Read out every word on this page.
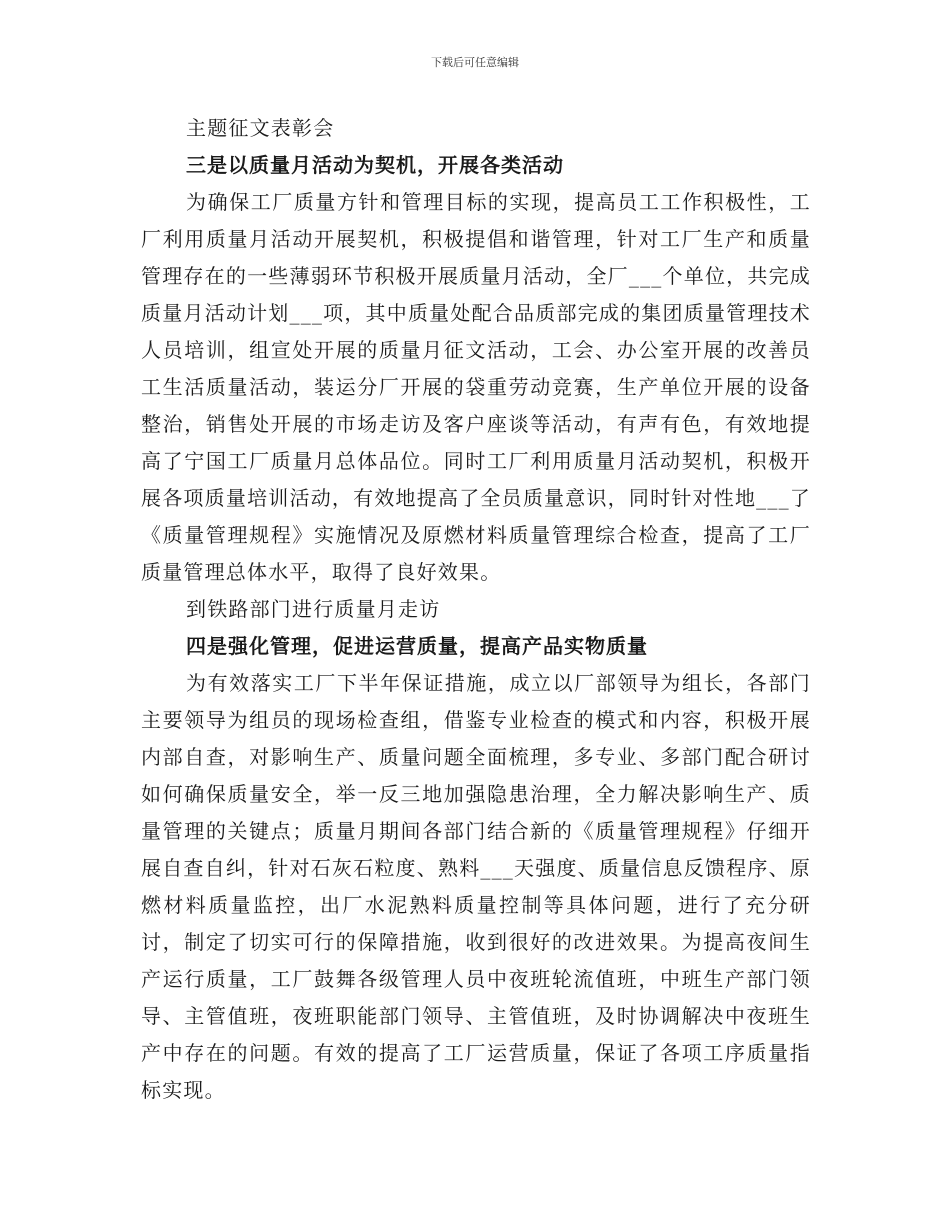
下载后可任意编辑

主题征文表彰会

三是以质量月活动为契机，开展各类活动

为确保工厂质量方针和管理目标的实现，提高员工工作积极性，工厂利用质量月活动开展契机，积极提倡和谐管理，针对工厂生产和质量管理存在的一些薄弱环节积极开展质量月活动，全厂___个单位，共完成质量月活动计划___项，其中质量处配合品质部完成的集团质量管理技术人员培训，组宣处开展的质量月征文活动，工会、办公室开展的改善员工生活质量活动，装运分厂开展的袋重劳动竞赛，生产单位开展的设备整治，销售处开展的市场走访及客户座谈等活动，有声有色，有效地提高了宁国工厂质量月总体品位。同时工厂利用质量月活动契机，积极开展各项质量培训活动，有效地提高了全员质量意识，同时针对性地___了《质量管理规程》实施情况及原燃材料质量管理综合检查，提高了工厂质量管理总体水平，取得了良好效果。

到铁路部门进行质量月走访

四是强化管理，促进运营质量，提高产品实物质量

为有效落实工厂下半年保证措施，成立以厂部领导为组长，各部门主要领导为组员的现场检查组，借鉴专业检查的模式和内容，积极开展内部自查，对影响生产、质量问题全面梳理，多专业、多部门配合研讨如何确保质量安全，举一反三地加强隐患治理，全力解决影响生产、质量管理的关键点；质量月期间各部门结合新的《质量管理规程》仔细开展自查自纠，针对石灰石粒度、熟料___天强度、质量信息反馈程序、原燃材料质量监控，出厂水泥熟料质量控制等具体问题，进行了充分研讨，制定了切实可行的保障措施，收到很好的改进效果。为提高夜间生产运行质量，工厂鼓舞各级管理人员中夜班轮流值班，中班生产部门领导、主管值班，夜班职能部门领导、主管值班，及时协调解决中夜班生产中存在的问题。有效的提高了工厂运营质量，保证了各项工序质量指标实现。
